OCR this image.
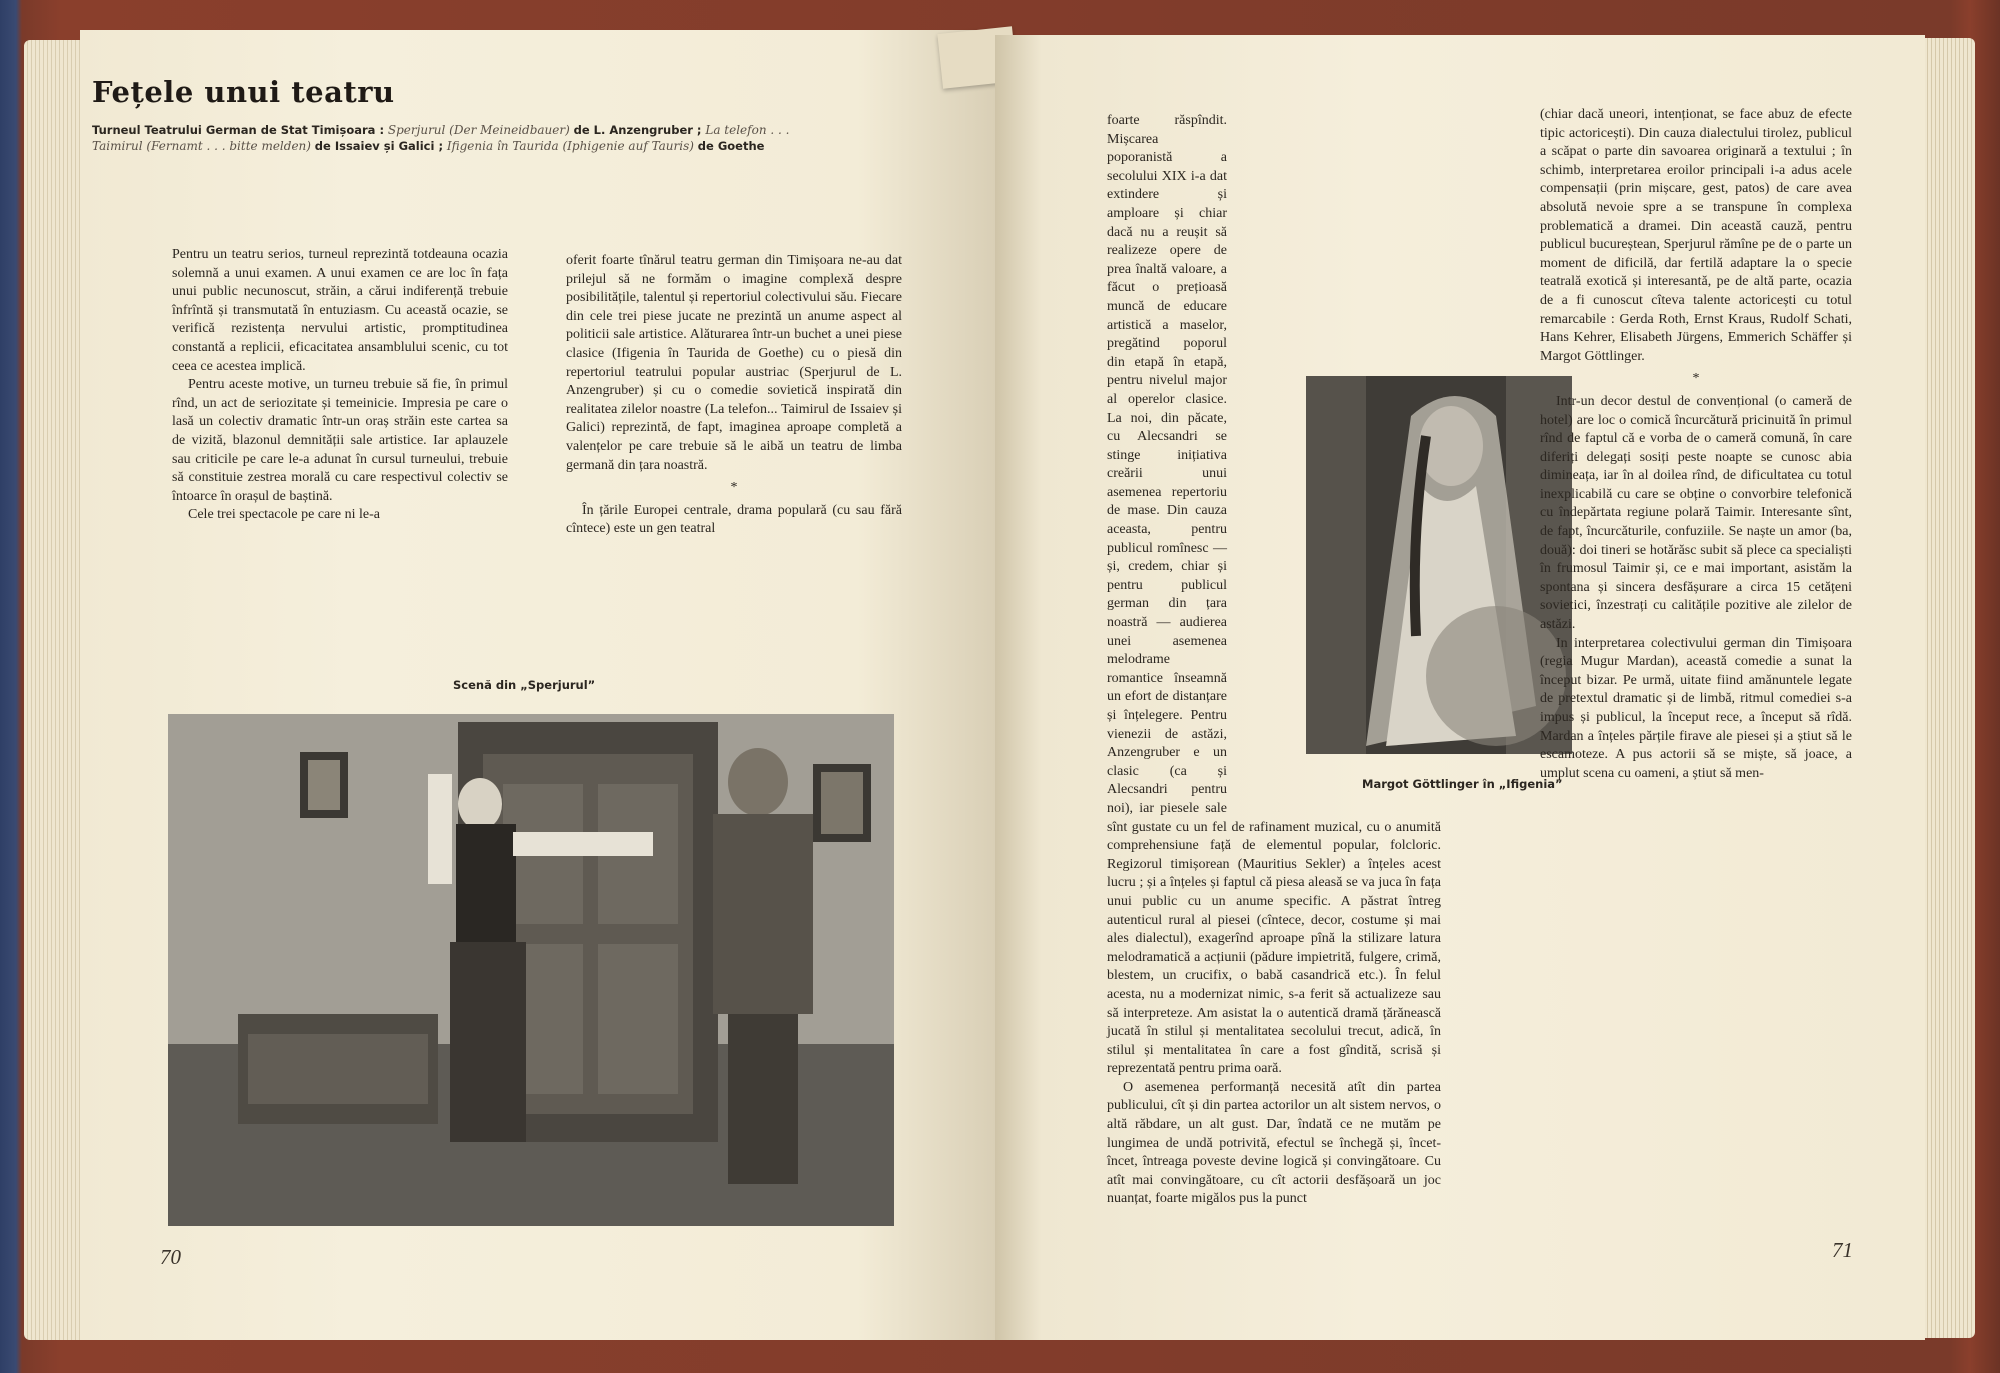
Fețele unui teatru
Turneul Teatrului German de Stat Timișoara : Sperjurul (Der Meineidbauer) de L. Anzengruber ; La telefon . . . Taimirul (Fernamt . . . bitte melden) de Issaiev și Galici ; Ifigenia în Taurida (Iphigenie auf Tauris) de Goethe

Pentru un teatru serios, turneul reprezintă totdeauna ocazia solemnă a unui examen. A unui examen ce are loc în fața unui public necunoscut, străin, a cărui indiferență trebuie înfrîntă și transmutată în entuziasm. Cu această ocazie, se verifică rezistența nervului artistic, promptitudinea constantă a replicii, eficacitatea ansamblului scenic, cu tot ceea ce acestea implică.

Pentru aceste motive, un turneu trebuie să fie, în primul rînd, un act de seriozitate și temeinicie. Impresia pe care o lasă un colectiv dramatic într-un oraș străin este cartea sa de vizită, blazonul demnității sale artistice. Iar aplauzele sau criticile pe care le-a adunat în cursul turneului, trebuie să constituie zestrea morală cu care respectivul colectiv se întoarce în orașul de baștină.

Cele trei spectacole pe care ni le-a

oferit foarte tînărul teatru german din Timișoara ne-au dat prilejul să ne formăm o imagine complexă despre posibilitățile, talentul și repertoriul colectivului său. Fiecare din cele trei piese jucate ne prezintă un anume aspect al politicii sale artistice. Alăturarea într-un buchet a unei piese clasice (Ifigenia în Taurida de Goethe) cu o piesă din repertoriul teatrului popular austriac (Sperjurul de L. Anzengruber) și cu o comedie sovietică inspirată din realitatea zilelor noastre (La telefon... Taimirul de Issaiev și Galici) reprezintă, de fapt, imaginea aproape completă a valențelor pe care trebuie să le aibă un teatru de limba germană din țara noastră.

*

În țările Europei centrale, drama populară (cu sau fără cîntece) este un gen teatral

Scenă din „Sperjurul”
70
Margot Göttlinger în „Ifigenia”

foarte răspîndit. Mișcarea poporanistă a secolului XIX i-a dat extindere și amploare și chiar dacă nu a reușit să realizeze opere de prea înaltă valoare, a făcut o prețioasă muncă de educare artistică a maselor, pregătind poporul din etapă în etapă, pentru nivelul major al operelor clasice. La noi, din păcate, cu Alecsandri se stinge inițiativa creării unui asemenea repertoriu de mase. Din cauza aceasta, pentru publicul romînesc — și, credem, chiar și pentru publicul german din țara noastră — audierea unei asemenea melodrame romantice înseamnă un efort de distanțare și înțelegere. Pentru vienezii de astăzi, Anzengruber e un clasic (ca și Alecsandri pentru noi), iar piesele sale sînt gustate cu un fel de rafinament muzical, cu o anumită comprehensiune față de elementul popular, folcloric. Regizorul timișorean (Mauritius Sekler) a înțeles acest lucru ; și a înțeles și faptul că piesa aleasă se va juca în fața unui public cu un anume specific. A păstrat întreg autenticul rural al piesei (cîntece, decor, costume și mai ales dialectul), exagerînd aproape pînă la stilizare latura melodramatică a acțiunii (pădure impietrită, fulgere, crimă, blestem, un crucifix, o babă casandrică etc.). În felul acesta, nu a modernizat nimic, s-a ferit să actualizeze sau să interpreteze. Am asistat la o autentică dramă țărănească jucată în stilul și mentalitatea secolului trecut, adică, în stilul și mentalitatea în care a fost gîndită, scrisă și reprezentată pentru prima oară.

O asemenea performanță necesită atît din partea publicului, cît și din partea actorilor un alt sistem nervos, o altă răbdare, un alt gust. Dar, îndată ce ne mutăm pe lungimea de undă potrivită, efectul se închegă și, încet-încet, întreaga poveste devine logică și convingătoare. Cu atît mai convingătoare, cu cît actorii desfășoară un joc nuanțat, foarte migălos pus la punct

(chiar dacă uneori, intenționat, se face abuz de efecte tipic actoricești). Din cauza dialectului tirolez, publicul a scăpat o parte din savoarea originară a textului ; în schimb, interpretarea eroilor principali i-a adus acele compensații (prin mișcare, gest, patos) de care avea absolută nevoie spre a se transpune în complexa problematică a dramei. Din această cauză, pentru publicul bucureștean, Sperjurul rămîne pe de o parte un moment de dificilă, dar fertilă adaptare la o specie teatrală exotică și interesantă, pe de altă parte, ocazia de a fi cunoscut cîteva talente actoricești cu totul remarcabile : Gerda Roth, Ernst Kraus, Rudolf Schati, Hans Kehrer, Elisabeth Jürgens, Emmerich Schäffer și Margot Göttlinger.

*

Intr-un decor destul de convențional (o cameră de hotel) are loc o comică încurcătură pricinuită în primul rînd de faptul că e vorba de o cameră comună, în care diferiți delegați sosiți peste noapte se cunosc abia dimineața, iar în al doilea rînd, de dificultatea cu totul inexplicabilă cu care se obține o convorbire telefonică cu îndepărtata regiune polară Taimir. Interesante sînt, de fapt, încurcăturile, confuziile. Se naște un amor (ba, două): doi tineri se hotărăsc subit să plece ca specialiști în frumosul Taimir și, ce e mai important, asistăm la spontana și sincera desfășurare a circa 15 cetățeni sovietici, înzestrați cu calitățile pozitive ale zilelor de astăzi.

In interpretarea colectivului german din Timișoara (regia Mugur Mardan), această comedie a sunat la început bizar. Pe urmă, uitate fiind amănuntele legate de pretextul dramatic și de limbă, ritmul comediei s-a impus și publicul, la început rece, a început să rîdă. Mardan a înțeles părțile firave ale piesei și a știut să le escamoteze. A pus actorii să se miște, să joace, a umplut scena cu oameni, a știut să men-

71
